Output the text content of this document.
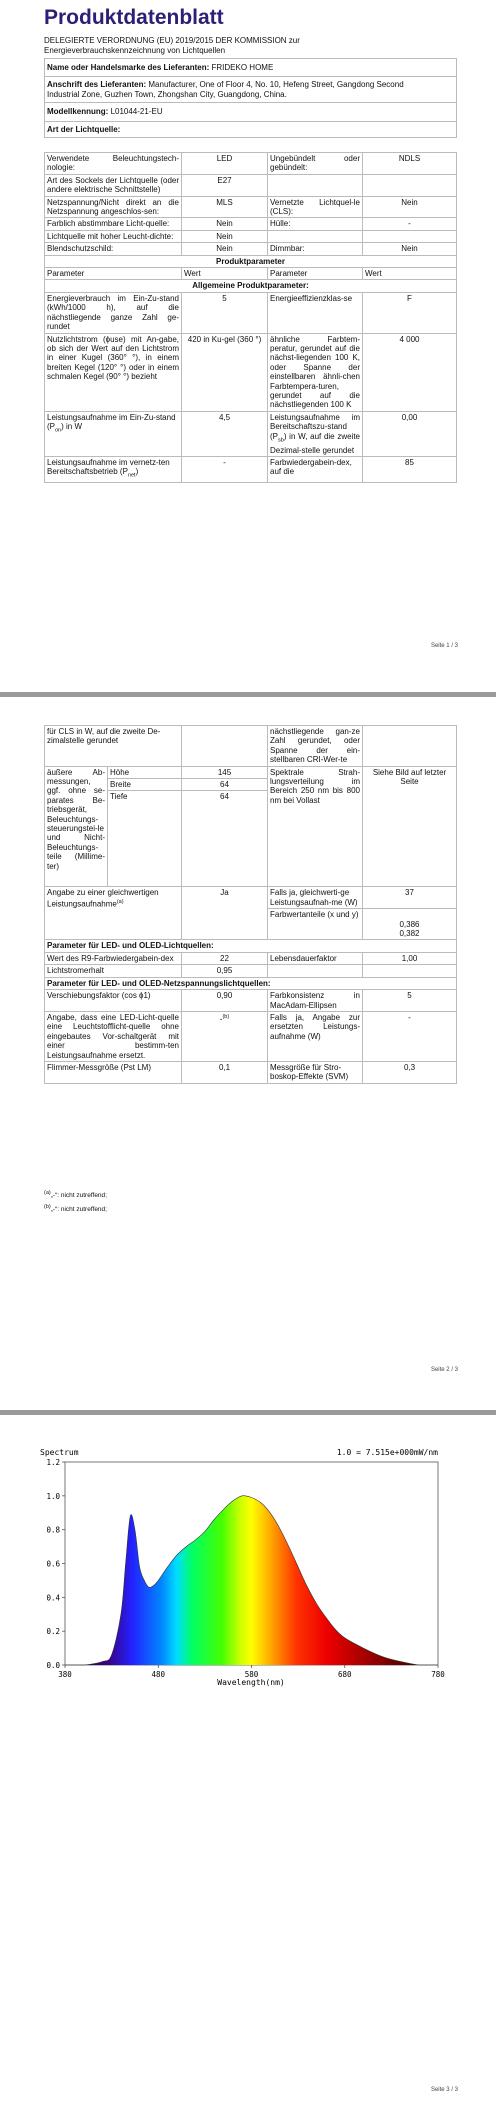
Produktdatenblatt
DELEGIERTE VERORDNUNG (EU) 2019/2015 DER KOMMISSION zur
Energieverbrauchskennzeichnung von Lichtquellen
Name oder Handelsmarke des Lieferanten: FRIDEKO HOME
Anschrift des Lieferanten: Manufacturer, One of Floor 4, No. 10, Hefeng Street, Gangdong Second
Industrial Zone, Guzhen Town, Zhongshan City, Guangdong, China.
Modellkennung: L01044-21-EU
Art der Lichtquelle:
Verwendete Beleuchtungstech-nologie:	LED	Ungebündelt oder gebündelt:	NDLS
Art des Sockels der Lichtquelle (oder andere elektrische Schnittstelle)	E27		
Netzspannung/Nicht direkt an die Netzspannung angeschlos-sen:	MLS	Vernetzte Lichtquel-le (CLS):	Nein
Farblich abstimmbare Licht-quelle:	Nein	Hülle:	-
Lichtquelle mit hoher Leucht-dichte:	Nein		
Blendschutzschild:	Nein	Dimmbar:	Nein
Produktparameter			
Parameter	Wert	Parameter	Wert
Allgemeine Produktparameter:			
Energieverbrauch im Ein-Zu-stand (kWh/1000 h), auf die nächstliegende ganze Zahl ge-rundet	5	Energieeffizienzklas-se	F
Nutzlichtstrom (ɸuse) mit An-gabe, ob sich der Wert auf den Lichtstrom in einer Kugel (360° °), in einem breiten Kegel (120° °) oder in einem schmalen Kegel (90° °) bezieht	420 in Ku-gel (360 °)	ähnliche Farbtem-peratur, gerundet auf die nächst-liegenden 100 K, oder Spanne der einstellbaren ähnli-chen Farbtempera-turen, gerundet auf die nächstliegenden 100 K	4 000
Leistungsaufnahme im Ein-Zu-stand $(P_{on})$ in W	4,5	Leistungsaufnahme im Bereitschaftszu-stand $(P_{sb})$ in W, auf die zweite Dezimal-stelle gerundet	0,00
Leistungsaufnahme im vernetz-ten Bereitschaftsbetrieb $(P_{net})$	-	Farbwiedergabein-dex, auf die	85
Seite 1 / 3
für CLS in W, auf die zweite De-zimalstelle gerundet			nächstliegende gan-ze Zahl gerundet, oder Spanne der ein-stellbaren CRI-Wer-te	
äußere Ab-messungen, ggf. ohne se-parates Be-triebsgerät, Beleuchtungs-steuerungstei-le und Nicht-Beleuchtungs-teile (Millime-ter)	Höhe	145	Spektrale Strah-lungsverteilung im Bereich 250 nm bis 800 nm bei Vollast	Siehe Bild auf letzter Seite
	Breite	64		
	Tiefe	64		
Angabe zu einer gleichwertigen Leistungsaufnahme$^{(a)}$		Ja	Falls ja, gleichwerti-ge Leistungsaufnah-me (W)	37
			Farbwertanteile (x und y)	0,386
0,382
Parameter für LED- und OLED-Lichtquellen:				
Wert des R9-Farbwiedergabein-dex		22	Lebensdauerfaktor	1,00
Lichtstromerhalt		0,95		
Parameter für LED- und OLED-Netzspannungslichtquellen:				
Verschiebungsfaktor (cos ɸ1)		0,90	Farbkonsistenz in MacAdam-Ellipsen	5
Angabe, dass eine LED-Licht-quelle eine Leuchtstofflicht-quelle ohne eingebautes Vor-schaltgerät mit einer bestimm-ten Leistungsaufnahme ersetzt.		-$^{(b)}$	Falls ja, Angabe zur ersetzten Leistungs-aufnahme (W)	-
Flimmer-Messgröße (Pst LM)		0,1	Messgröße für Stro-boskop-Effekte (SVM)	0,3
$^{(a)}$„-“: nicht zutreffend;
$^{(b)}$„-“: nicht zutreffend;
Seite 2 / 3
Spectrum	1.0 = 7.515e+000mW/nm
0.0
0.2
0.4
0.6
0.8
1.0
1.2
380	480	580	680	780
Wavelength(nm)
Seite 3 / 3
